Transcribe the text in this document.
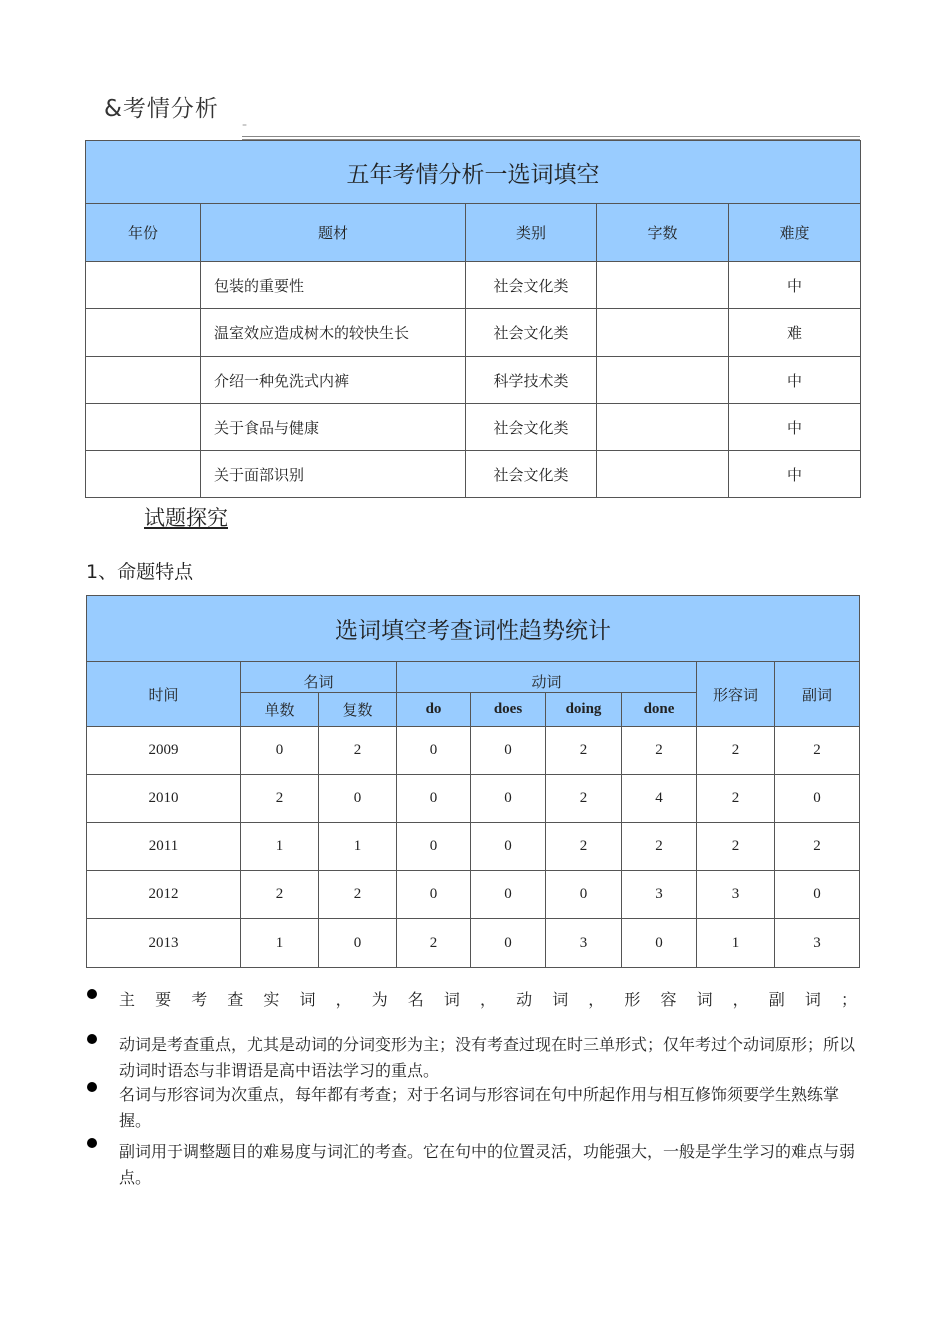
&考情分析
=
五年考情分析一选词填空				
年份	题材	类别	字数	难度
	包装的重要性	社会文化类		中
	温室效应造成树木的较快生长	社会文化类		难
	介绍一种免洗式内裤	科学技术类		中
	关于食品与健康	社会文化类		中
	关于面部识别	社会文化类		中
试题探究
1、命题特点
选词填空考查词性趋势统计								
时间	名词		动词				形容词	副词
	单数	复数	do	does	doing	done		
2009	0	2	0	0	2	2	2	2
2010	2	0	0	0	2	4	2	0
2011	1	1	0	0	2	2	2	2
2012	2	2	0	0	0	3	3	0
2013	1	0	2	0	3	0	1	3
主要考查实词，为名词，动词，形容词，副词；
动词是考查重点，尤其是动词的分词变形为主；没有考查过现在时三单形式；仅年考过个动词原形；所以动词时语态与非谓语是高中语法学习的重点。
名词与形容词为次重点，每年都有考查；对于名词与形容词在句中所起作用与相互修饰须要学生熟练掌握。
副词用于调整题目的难易度与词汇的考查。它在句中的位置灵活，功能强大，一般是学生学习的难点与弱点。
